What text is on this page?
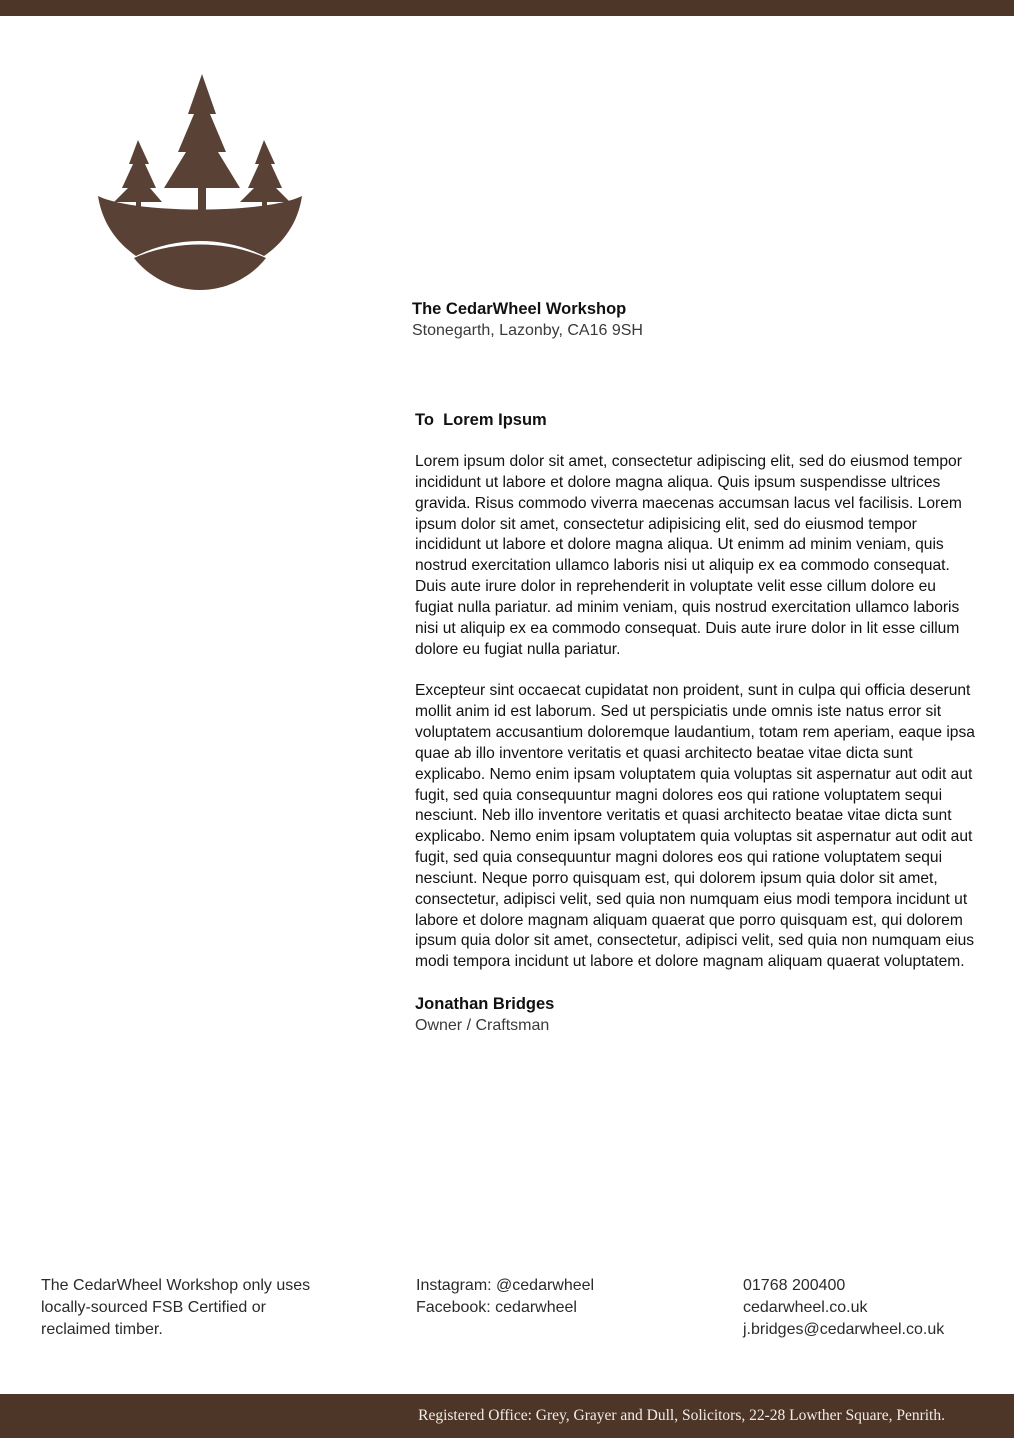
The CedarWheel Workshop
Stonegarth, Lazonby, CA16 9SH
To  Lorem Ipsum

Lorem ipsum dolor sit amet, consectetur adipiscing elit, sed do eiusmod tempor incididunt ut labore et dolore magna aliqua. Quis ipsum suspendisse ultrices gravida. Risus commodo viverra maecenas accumsan lacus vel facilisis. Lorem ipsum dolor sit amet, consectetur adipisicing elit, sed do eiusmod tempor incididunt ut labore et dolore magna aliqua. Ut enimm ad minim veniam, quis nostrud exercitation ullamco laboris nisi ut aliquip ex ea commodo consequat. Duis aute irure dolor in reprehenderit in voluptate velit esse cillum dolore eu fugiat nulla pariatur. ad minim veniam, quis nostrud exercitation ullamco laboris nisi ut aliquip ex ea commodo consequat. Duis aute irure dolor in lit esse cillum dolore eu fugiat nulla pariatur.

Excepteur sint occaecat cupidatat non proident, sunt in culpa qui officia deserunt mollit anim id est laborum. Sed ut perspiciatis unde omnis iste natus error sit voluptatem accusantium doloremque laudantium, totam rem aperiam, eaque ipsa quae ab illo inventore veritatis et quasi architecto beatae vitae dicta sunt explicabo. Nemo enim ipsam voluptatem quia voluptas sit aspernatur aut odit aut fugit, sed quia consequuntur magni dolores eos qui ratione voluptatem sequi nesciunt. Neb illo inventore veritatis et quasi architecto beatae vitae dicta sunt explicabo. Nemo enim ipsam voluptatem quia voluptas sit aspernatur aut odit aut fugit, sed quia consequuntur magni dolores eos qui ratione voluptatem sequi nesciunt. Neque porro quisquam est, qui dolorem ipsum quia dolor sit amet, consectetur, adipisci velit, sed quia non numquam eius modi tempora incidunt ut labore et dolore magnam aliquam quaerat que porro quisquam est, qui dolorem ipsum quia dolor sit amet, consectetur, adipisci velit, sed quia non numquam eius modi tempora incidunt ut labore et dolore magnam aliquam quaerat voluptatem.

Jonathan Bridges
Owner / Craftsman
The CedarWheel Workshop only uses
locally-sourced FSB Certified or
reclaimed timber.
Instagram: @cedarwheel
Facebook: cedarwheel
01768 200400
cedarwheel.co.uk
j.bridges@cedarwheel.co.uk
Registered Office: Grey, Grayer and Dull, Solicitors, 22-28 Lowther Square, Penrith.
